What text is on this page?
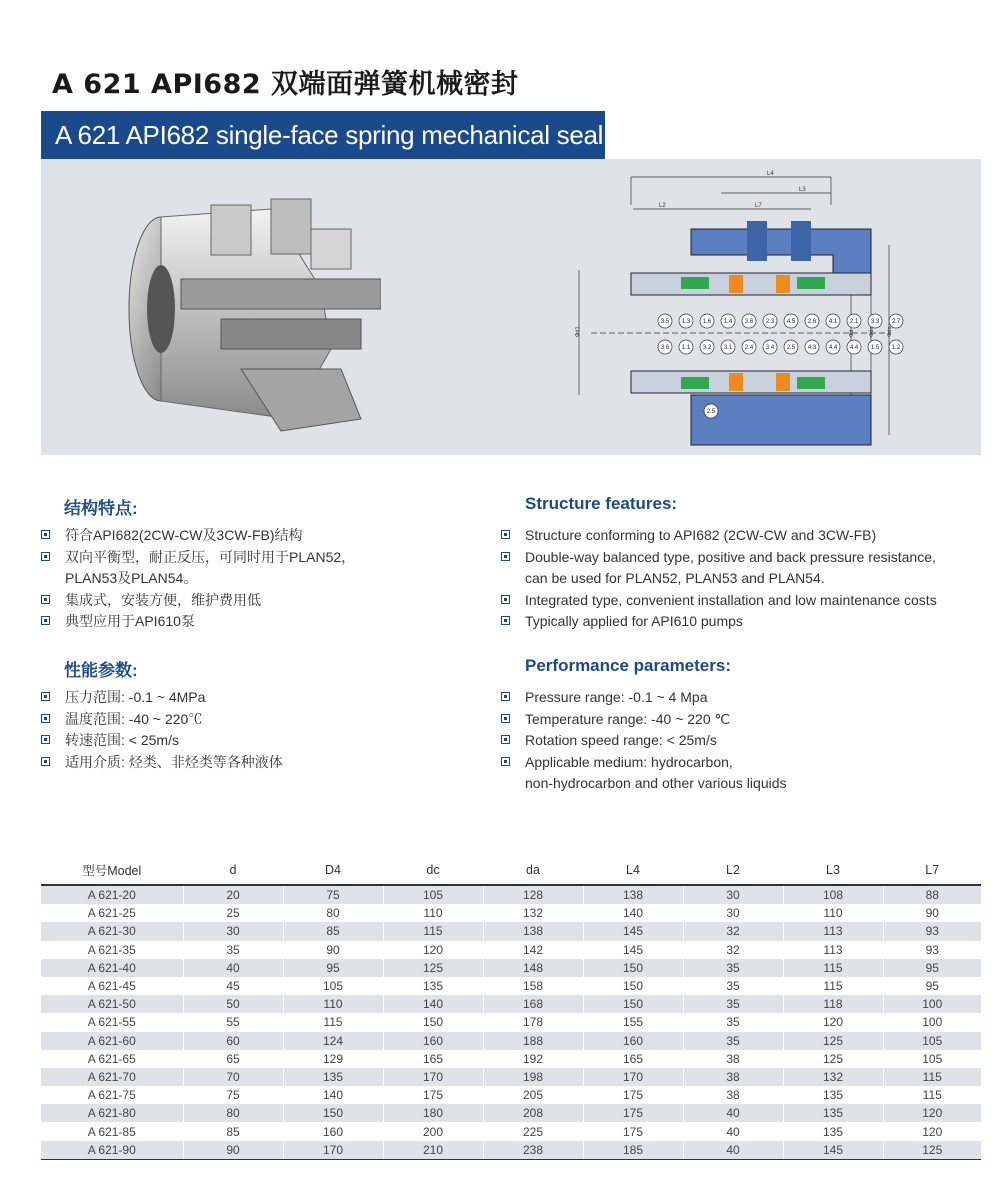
A 621 API682 双端面弹簧机械密封
A 621 API682 single-face spring mechanical seal
L4
L3
L2	L7
3.5 1.3 1.6 1.4 3.6 2.3 4.5 2.6 4.1 2.1 3.3 2.7
3.6 1.1 3.2 3.1 2.4 3.4 2.5 4.3 4.4 4.4 1.5 1.2
2.5
Φd1	Φd	Φdc Φda
结构特点:
符合API682(2CW-CW及3CW-FB)结构
双向平衡型，耐正反压，可同时用于PLAN52，
PLAN53及PLAN54。
集成式，安装方便，维护费用低
典型应用于API610泵
Structure features:
Structure conforming to API682 (2CW-CW and 3CW-FB)
Double-way balanced type, positive and back pressure resistance,
can be used for PLAN52, PLAN53 and PLAN54.
Integrated type, convenient installation and low maintenance costs
Typically applied for API610 pumps
性能参数:
压力范围: -0.1 ~ 4MPa
温度范围: -40 ~ 220℃
转速范围: < 25m/s
适用介质: 烃类、非烃类等各种液体
Performance parameters:
Pressure range: -0.1 ~ 4 Mpa
Temperature range: -40 ~ 220 ℃
Rotation speed range: < 25m/s
Applicable medium: hydrocarbon,
non-hydrocarbon and other various liquids
型号Model	d	D4	dc	da	L4	L2	L3	L7
A 621-20	20	75	105	128	138	30	108	88
A 621-25	25	80	110	132	140	30	110	90
A 621-30	30	85	115	138	145	32	113	93
A 621-35	35	90	120	142	145	32	113	93
A 621-40	40	95	125	148	150	35	115	95
A 621-45	45	105	135	158	150	35	115	95
A 621-50	50	110	140	168	150	35	118	100
A 621-55	55	115	150	178	155	35	120	100
A 621-60	60	124	160	188	160	35	125	105
A 621-65	65	129	165	192	165	38	125	105
A 621-70	70	135	170	198	170	38	132	115
A 621-75	75	140	175	205	175	38	135	115
A 621-80	80	150	180	208	175	40	135	120
A 621-85	85	160	200	225	175	40	135	120
A 621-90	90	170	210	238	185	40	145	125
